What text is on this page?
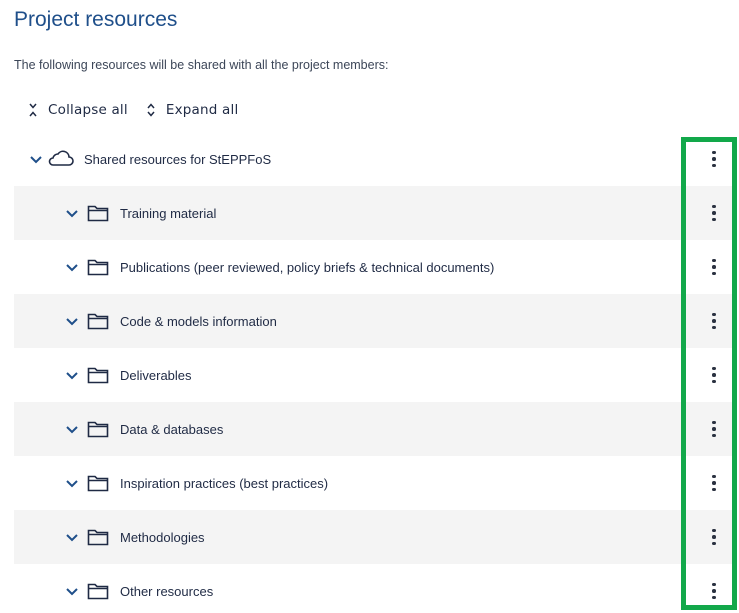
Project resources
The following resources will be shared with all the project members:
Collapse all	Expand all
Shared resources for StEPPFoS
Training material
Publications (peer reviewed, policy briefs & technical documents)
Code & models information
Deliverables
Data & databases
Inspiration practices (best practices)
Methodologies
Other resources
